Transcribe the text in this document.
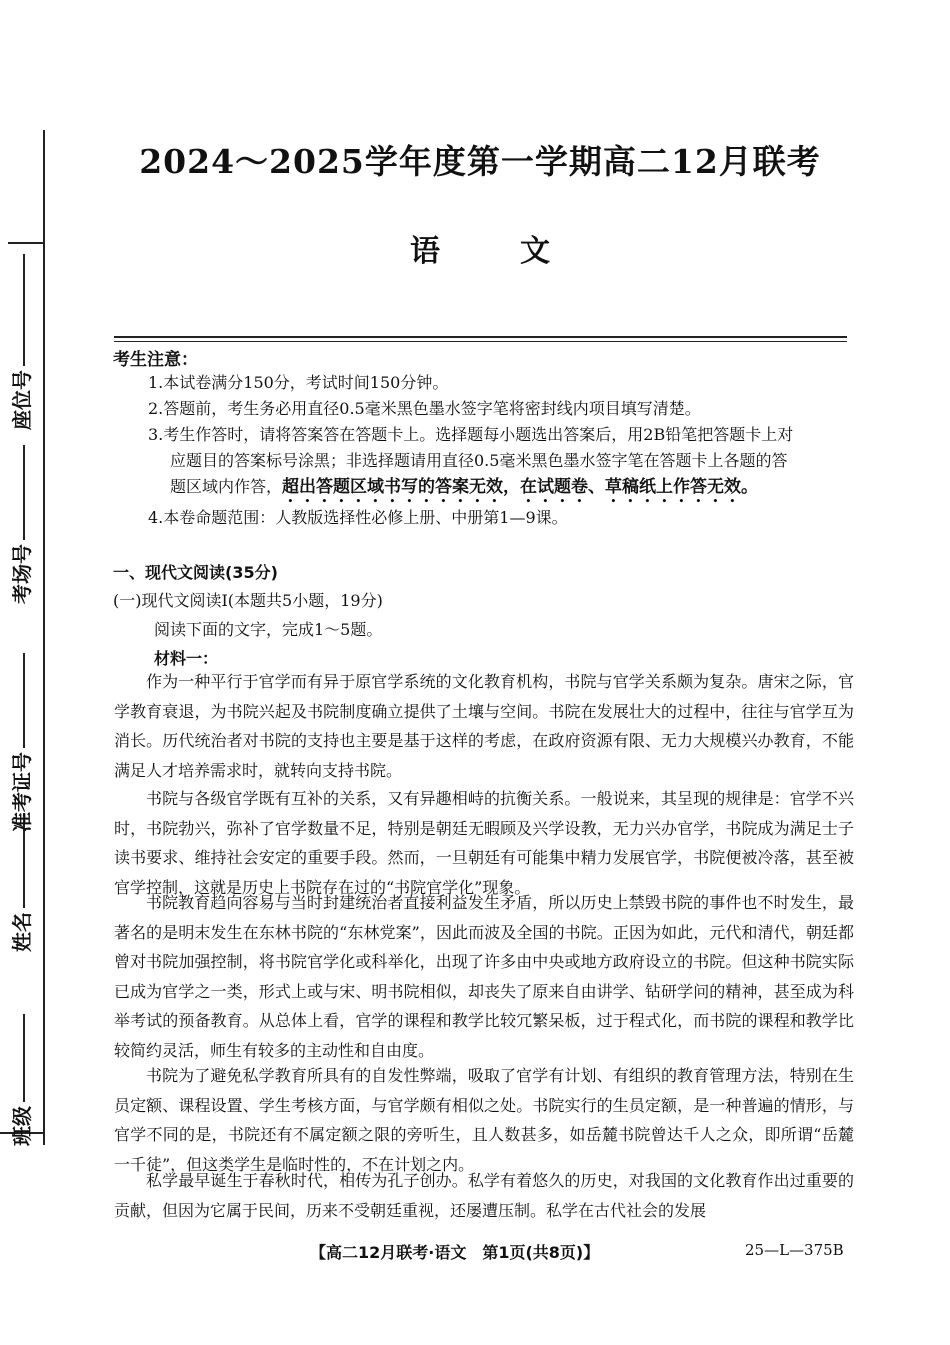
班级
姓名
准考证号
考场号
座位号
2024～2025学年度第一学期高二12月联考
语文
考生注意：
1.本试卷满分150分，考试时间150分钟。
2.答题前，考生务必用直径0.5毫米黑色墨水签字笔将密封线内项目填写清楚。
3.考生作答时，请将答案答在答题卡上。选择题每小题选出答案后，用2B铅笔把答题卡上对
应题目的答案标号涂黑；非选择题请用直径0.5毫米黑色墨水签字笔在答题卡上各题的答
题区域内作答，超出答题区域书写的答案无效，在试题卷、草稿纸上作答无效。
4.本卷命题范围：人教版选择性必修上册、中册第1—9课。
一、现代文阅读(35分)
(一)现代文阅读Ⅰ(本题共5小题，19分)
阅读下面的文字，完成1～5题。
材料一：
作为一种平行于官学而有异于原官学系统的文化教育机构，书院与官学关系颇为复杂。唐宋之际，官学教育衰退，为书院兴起及书院制度确立提供了土壤与空间。书院在发展壮大的过程中，往往与官学互为消长。历代统治者对书院的支持也主要是基于这样的考虑，在政府资源有限、无力大规模兴办教育，不能满足人才培养需求时，就转向支持书院。
书院与各级官学既有互补的关系，又有异趣相峙的抗衡关系。一般说来，其呈现的规律是：官学不兴时，书院勃兴，弥补了官学数量不足，特别是朝廷无暇顾及兴学设教，无力兴办官学，书院成为满足士子读书要求、维持社会安定的重要手段。然而，一旦朝廷有可能集中精力发展官学，书院便被冷落，甚至被官学控制，这就是历史上书院存在过的“书院官学化”现象。
书院教育趋向容易与当时封建统治者直接利益发生矛盾，所以历史上禁毁书院的事件也不时发生，最著名的是明末发生在东林书院的“东林党案”，因此而波及全国的书院。正因为如此，元代和清代，朝廷都曾对书院加强控制，将书院官学化或科举化，出现了许多由中央或地方政府设立的书院。但这种书院实际已成为官学之一类，形式上或与宋、明书院相似，却丧失了原来自由讲学、钻研学问的精神，甚至成为科举考试的预备教育。从总体上看，官学的课程和教学比较冗繁呆板，过于程式化，而书院的课程和教学比较简约灵活，师生有较多的主动性和自由度。
书院为了避免私学教育所具有的自发性弊端，吸取了官学有计划、有组织的教育管理方法，特别在生员定额、课程设置、学生考核方面，与官学颇有相似之处。书院实行的生员定额，是一种普遍的情形，与官学不同的是，书院还有不属定额之限的旁听生，且人数甚多，如岳麓书院曾达千人之众，即所谓“岳麓一千徒”，但这类学生是临时性的，不在计划之内。
私学最早诞生于春秋时代，相传为孔子创办。私学有着悠久的历史，对我国的文化教育作出过重要的贡献，但因为它属于民间，历来不受朝廷重视，还屡遭压制。私学在古代社会的发展
【高二12月联考·语文　第1页(共8页)】	25—L—375B
